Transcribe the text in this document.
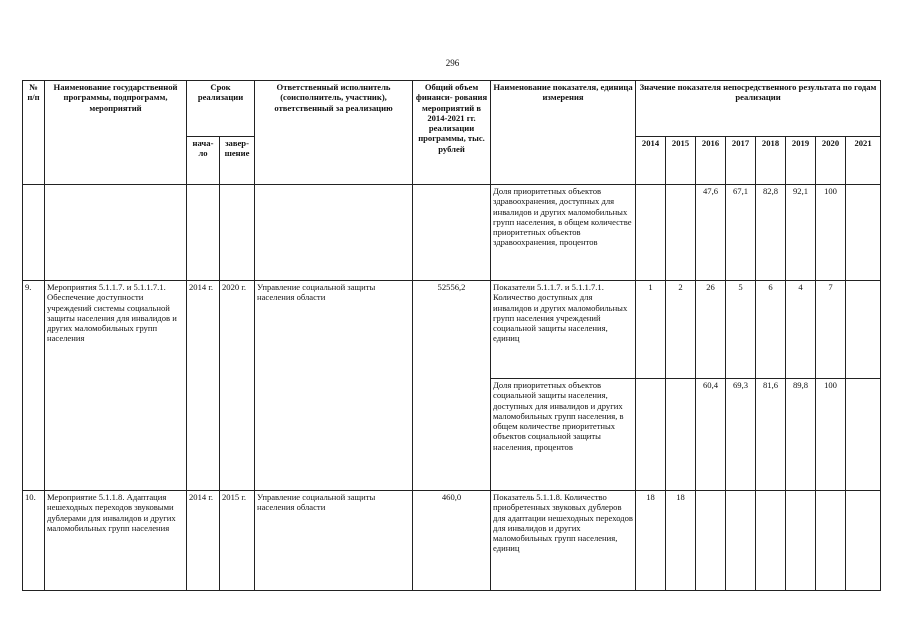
296
№ п/п	Наименование государственной программы, подпрограмм, мероприятий	Срок реализации		Ответственный исполнитель (соисполнитель, участник), ответственный за реализацию	Общий объем финанси- рования мероприятий в 2014-2021 гг. реализации программы, тыс. рублей	Наименование показателя, единица измерения	Значение показателя непосредственного результата по годам реализации							
		нача- ло	завер- шение				2014	2015	2016	2017	2018	2019	2020	2021
						Доля приоритетных объектов здравоохранения, доступных для инвалидов и других маломобильных групп населения, в общем количестве приоритетных объектов здравоохранения, процентов			47,6	67,1	82,8	92,1	100	
9.	Мероприятия 5.1.1.7. и 5.1.1.7.1. Обеспечение доступности учреждений системы социальной защиты населения для инвалидов и других маломобильных групп населения	2014 г.	2020 г.	Управление социальной защиты населения области	52556,2	Показатели 5.1.1.7. и 5.1.1.7.1. Количество доступных для инвалидов и других маломобильных групп населения учреждений социальной защиты населения, единиц	1	2	26	5	6	4	7	
						Доля приоритетных объектов социальной защиты населения, доступных для инвалидов и других маломобильных групп населения, в общем количестве приоритетных объектов социальной защиты населения, процентов			60,4	69,3	81,6	89,8	100	
10.	Мероприятие 5.1.1.8. Адаптация нешеходных переходов звуковыми дублерами для инвалидов и других маломобильных групп населения	2014 г.	2015 г.	Управление социальной защиты населения области	460,0	Показатель 5.1.1.8. Количество приобретенных звуковых дублеров для адаптации нешеходных переходов для инвалидов и других маломобильных групп населения, единиц	18	18						
